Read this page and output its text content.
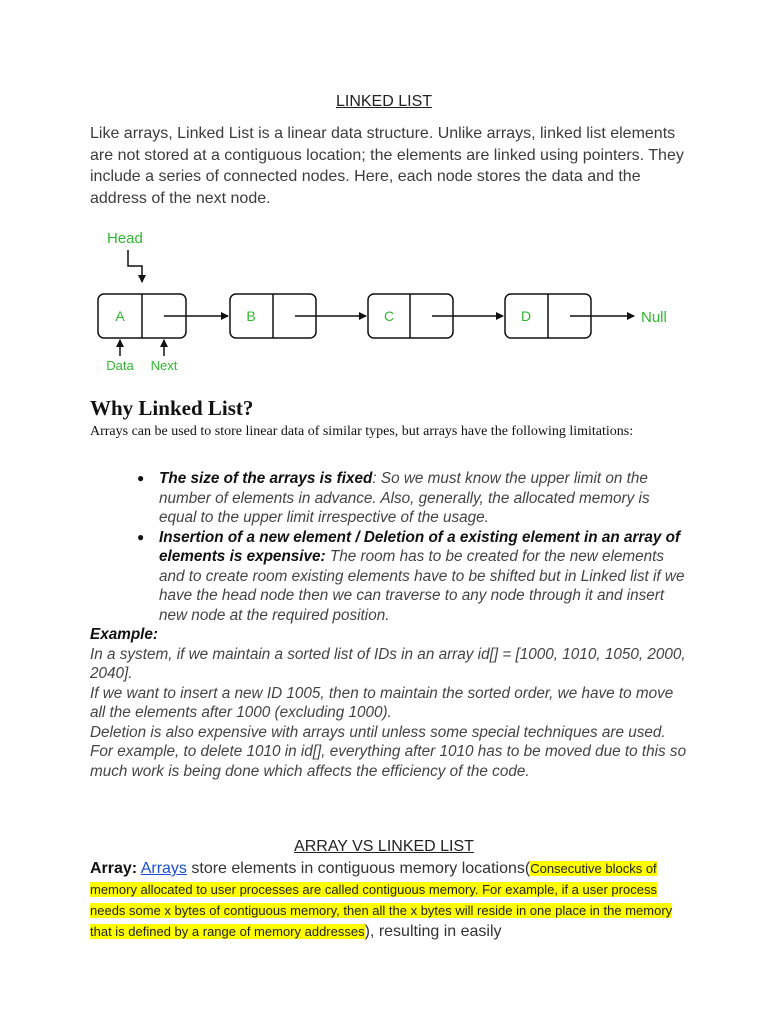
LINKED LIST
Like arrays, Linked List is a linear data structure. Unlike arrays, linked list elements are not stored at a contiguous location; the elements are linked using pointers. They include a series of connected nodes. Here, each node stores the data and the address of the next node.
Head
A	B	C	D	Null
Data Next
Why Linked List?
Arrays can be used to store linear data of similar types, but arrays have the following limitations:
● The size of the arrays is fixed: So we must know the upper limit on the number of elements in advance. Also, generally, the allocated memory is equal to the upper limit irrespective of the usage.
● Insertion of a new element / Deletion of a existing element in an array of elements is expensive: The room has to be created for the new elements and to create room existing elements have to be shifted but in Linked list if we have the head node then we can traverse to any node through it and insert new node at the required position.
Example:
In a system, if we maintain a sorted list of IDs in an array id[] = [1000, 1010, 1050, 2000, 2040].
If we want to insert a new ID 1005, then to maintain the sorted order, we have to move all the elements after 1000 (excluding 1000).
Deletion is also expensive with arrays until unless some special techniques are used. For example, to delete 1010 in id[], everything after 1010 has to be moved due to this so much work is being done which affects the efficiency of the code.
ARRAY VS LINKED LIST
Array: Arrays store elements in contiguous memory locations(Consecutive blocks of memory allocated to user processes are called contiguous memory. For example, if a user process needs some x bytes of contiguous memory, then all the x bytes will reside in one place in the memory that is defined by a range of memory addresses), resulting in easily
